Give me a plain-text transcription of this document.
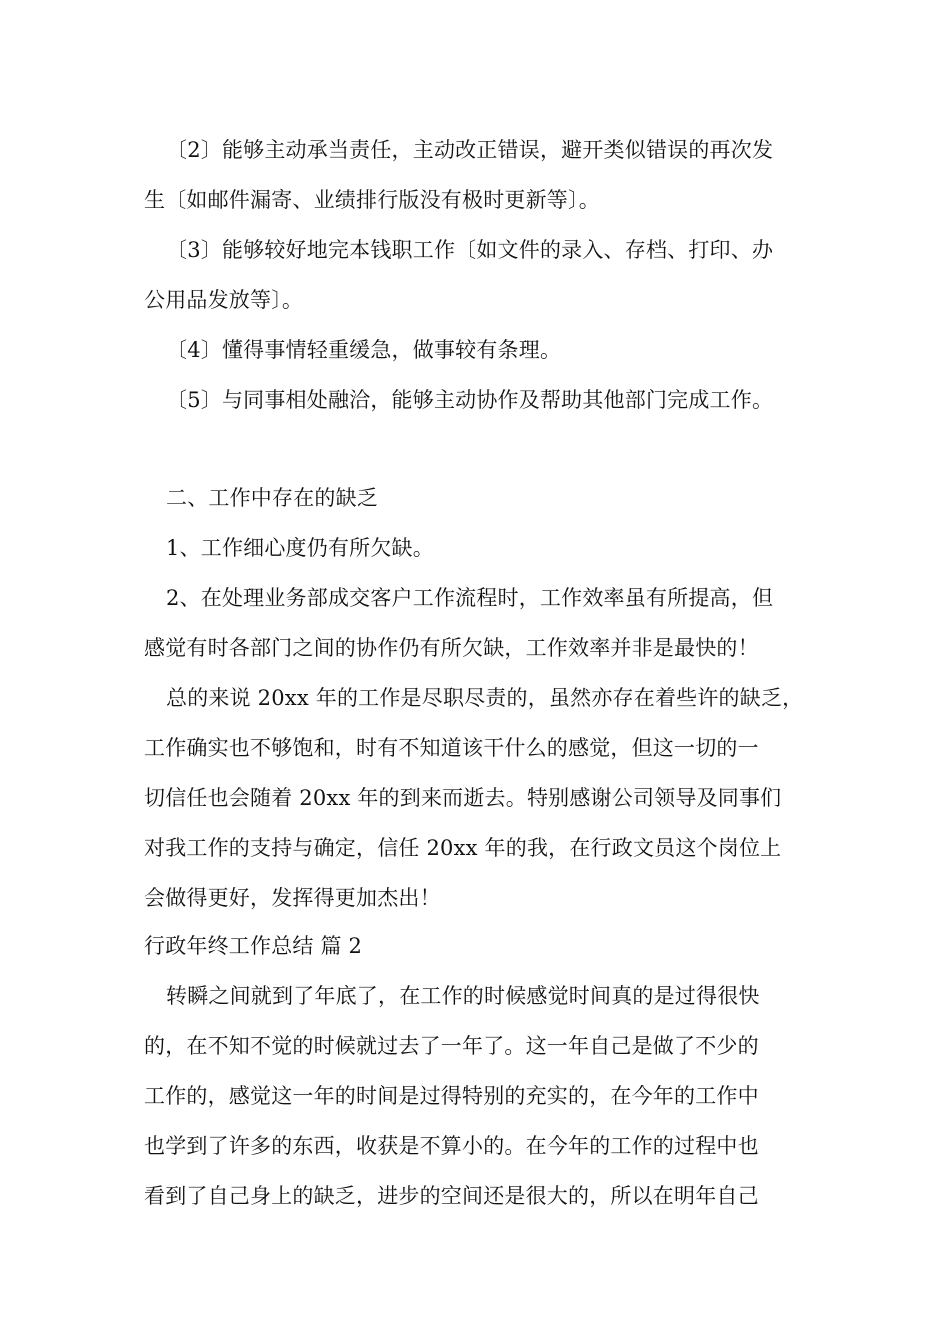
〔2〕能够主动承当责任，主动改正错误，避开类似错误的再次发
生〔如邮件漏寄、业绩排行版没有极时更新等〕。
〔3〕能够较好地完本钱职工作〔如文件的录入、存档、打印、办
公用品发放等〕。
〔4〕懂得事情轻重缓急，做事较有条理。
〔5〕与同事相处融洽，能够主动协作及帮助其他部门完成工作。
二、工作中存在的缺乏
1、工作细心度仍有所欠缺。
2、在处理业务部成交客户工作流程时，工作效率虽有所提高，但
感觉有时各部门之间的协作仍有所欠缺，工作效率并非是最快的！
总的来说 20xx 年的工作是尽职尽责的，虽然亦存在着些许的缺乏，
工作确实也不够饱和，时有不知道该干什么的感觉，但这一切的一
切信任也会随着 20xx 年的到来而逝去。特别感谢公司领导及同事们
对我工作的支持与确定，信任 20xx 年的我，在行政文员这个岗位上
会做得更好，发挥得更加杰出！
行政年终工作总结 篇 2
转瞬之间就到了年底了，在工作的时候感觉时间真的是过得很快
的，在不知不觉的时候就过去了一年了。这一年自己是做了不少的
工作的，感觉这一年的时间是过得特别的充实的，在今年的工作中
也学到了许多的东西，收获是不算小的。在今年的工作的过程中也
看到了自己身上的缺乏，进步的空间还是很大的，所以在明年自己
